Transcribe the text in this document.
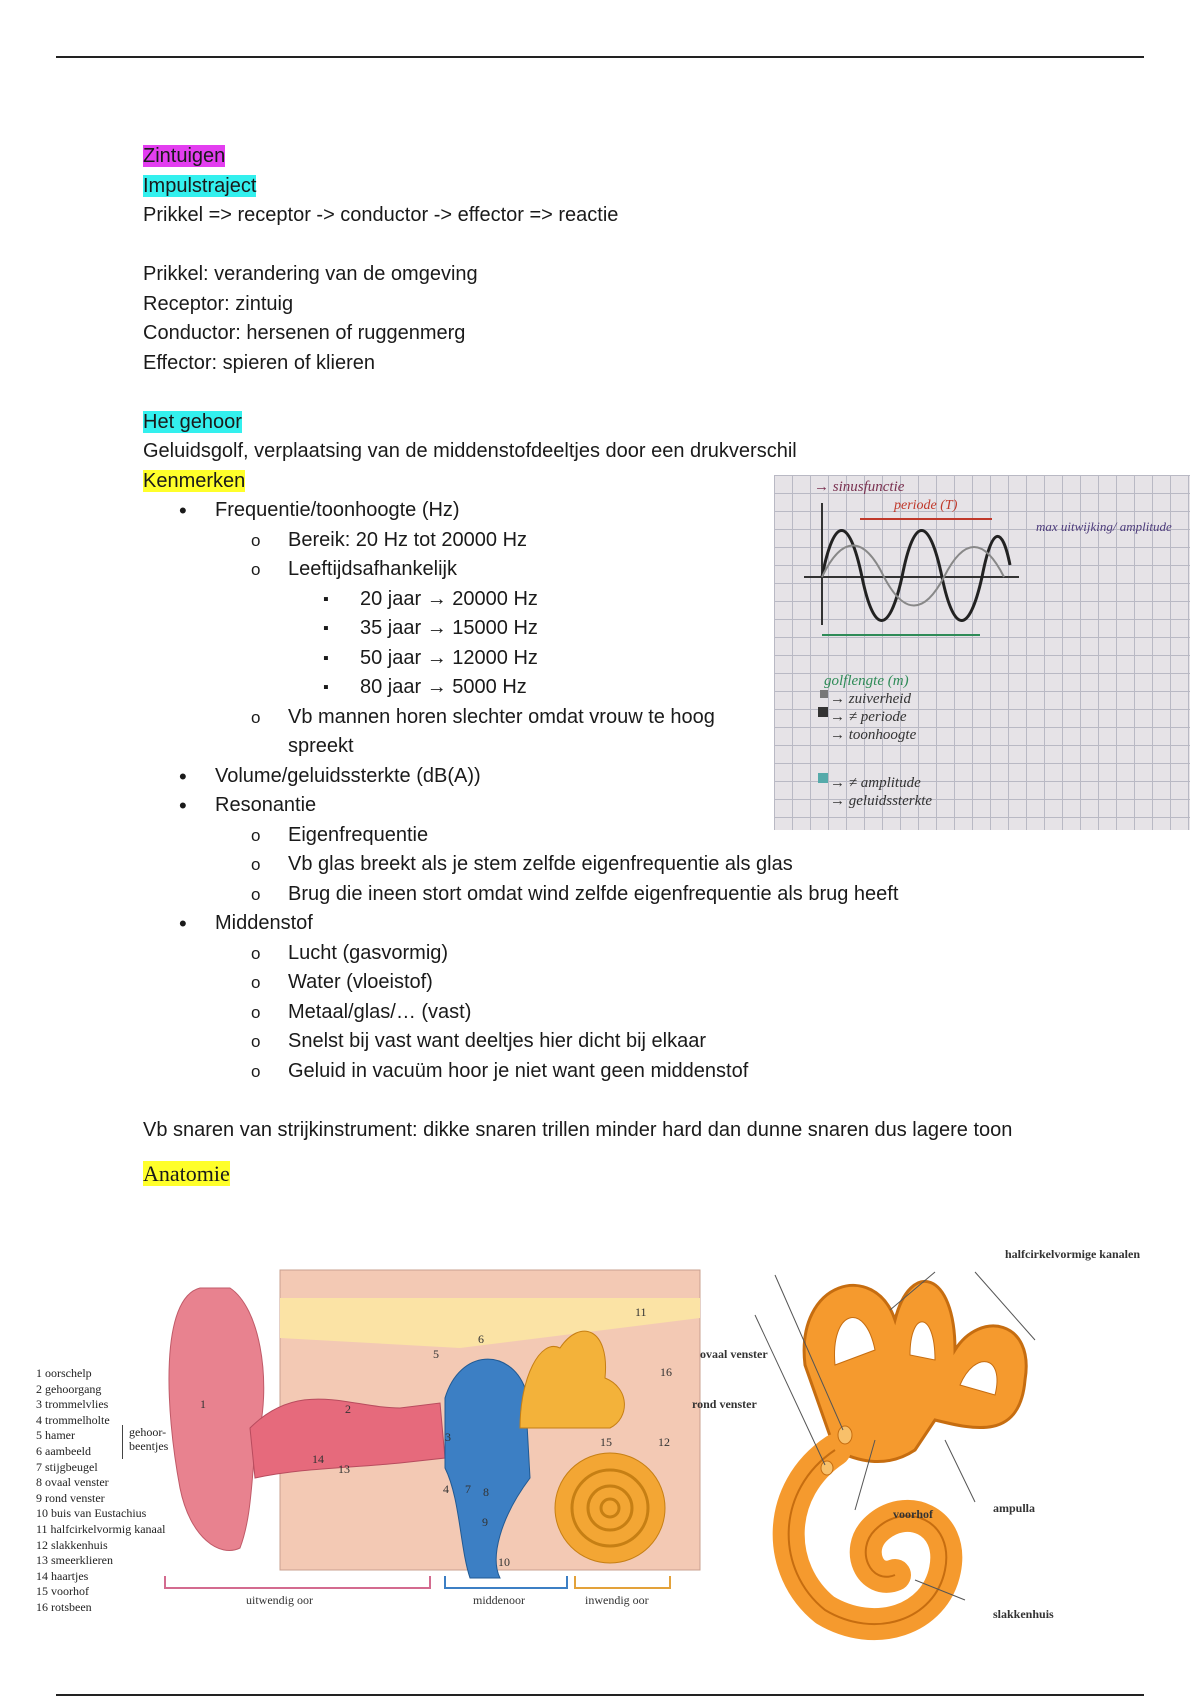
Zintuigen
Impulstraject
Prikkel => receptor -> conductor -> effector => reactie
Prikkel: verandering van de omgeving
Receptor: zintuig
Conductor: hersenen of ruggenmerg
Effector: spieren of klieren
Het gehoor
Geluidsgolf, verplaatsing van de middenstofdeeltjes door een drukverschil
Kenmerken
• Frequentie/toonhoogte (Hz)
o Bereik: 20 Hz tot 20000 Hz
o Leeftijdsafhankelijk
▪ 20 jaar → 20000 Hz
▪ 35 jaar → 15000 Hz
▪ 50 jaar → 12000 Hz
▪ 80 jaar → 5000 Hz
o Vb mannen horen slechter omdat vrouw te hoog spreekt
• Volume/geluidssterkte (dB(A))
• Resonantie
o Eigenfrequentie
o Vb glas breekt als je stem zelfde eigenfrequentie als glas
o Brug die ineen stort omdat wind zelfde eigenfrequentie als brug heeft
• Middenstof
o Lucht (gasvormig)
o Water (vloeistof)
o Metaal/glas/… (vast)
o Snelst bij vast want deeltjes hier dicht bij elkaar
o Geluid in vacuüm hoor je niet want geen middenstof
Vb snaren van strijkinstrument: dikke snaren trillen minder hard dan dunne snaren dus lagere toon
Anatomie
→ sinusfunctie
periode (T)
max uitwijking/ amplitude
golflengte (m)
→ zuiverheid
→ ≠ periode
→ toonhoogte
→ ≠ amplitude
→ geluidssterkte
1 oorschelp
2 gehoorgang
3 trommelvlies
4 trommelholte
5 hamer
6 aambeeld
7 stijgbeugel
8 ovaal venster
9 rond venster
10 buis van Eustachius
11 halfcirkelvormig kanaal
12 slakkenhuis
13 smeerklieren
14 haartjes
15 voorhof
16 rotsbeen
gehoor-beentjes
1	2
3
4
5
6
7 8
9
10
11
12
13
14
15
16
uitwendig oor	middenoor	inwendig oor
halfcirkelvormige kanalen
ovaal venster
rond venster
voorhof	ampulla
slakkenhuis
